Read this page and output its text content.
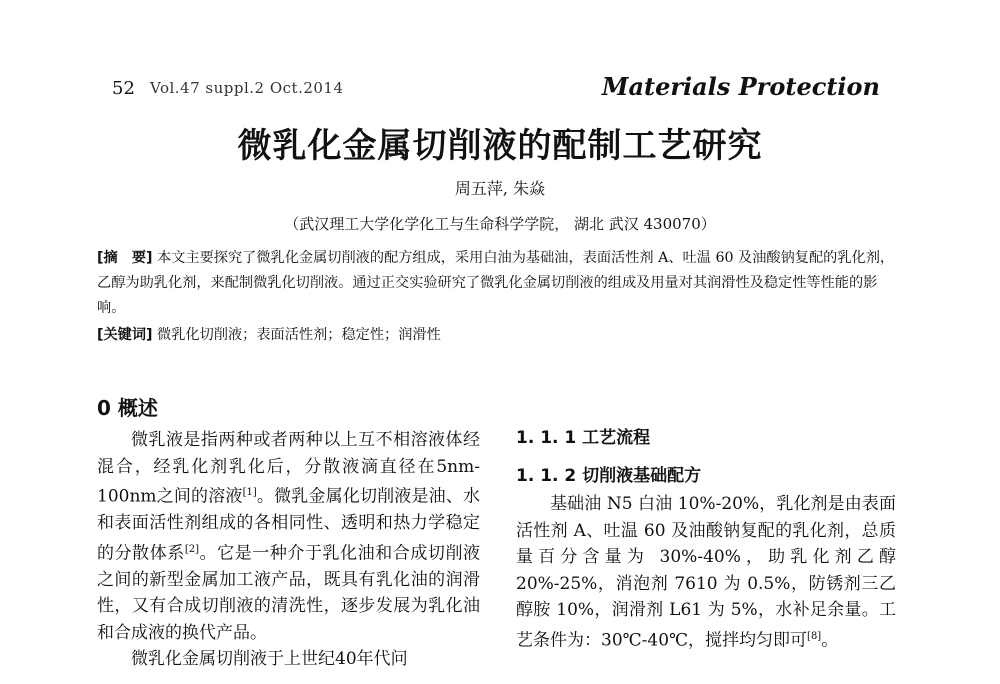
52 Vol.47 suppl.2 Oct.2014	Materials Protection
微乳化金属切削液的配制工艺研究
周五萍, 朱焱
（武汉理工大学化学化工与生命科学学院， 湖北 武汉 430070）
[摘　要] 本文主要探究了微乳化金属切削液的配方组成，采用白油为基础油，表面活性剂 A、吐温 60 及油酸钠复配的乳化剂，乙醇为助乳化剂，来配制微乳化切削液。通过正交实验研究了微乳化金属切削液的组成及用量对其润滑性及稳定性等性能的影响。
[关键词] 微乳化切削液；表面活性剂；稳定性；润滑性
0 概述

微乳液是指两种或者两种以上互不相溶液体经混合，经乳化剂乳化后，分散液滴直径在5nm-100nm之间的溶液[1]。微乳金属化切削液是油、水和表面活性剂组成的各相同性、透明和热力学稳定的分散体系[2]。它是一种介于乳化油和合成切削液之间的新型金属加工液产品，既具有乳化油的润滑性，又有合成切削液的清洗性，逐步发展为乳化油和合成液的换代产品。

微乳化金属切削液于上世纪40年代问

1. 1. 1 工艺流程
1. 1. 2 切削液基础配方

基础油 N5 白油 10%-20%，乳化剂是由表面活性剂 A、吐温 60 及油酸钠复配的乳化剂，总质量百分含量为 30%-40%，助乳化剂乙醇 20%-25%，消泡剂 7610 为 0.5%，防锈剂三乙醇胺 10%，润滑剂 L61 为 5%，水补足余量。工艺条件为：30℃-40℃，搅拌均匀即可[8]。
